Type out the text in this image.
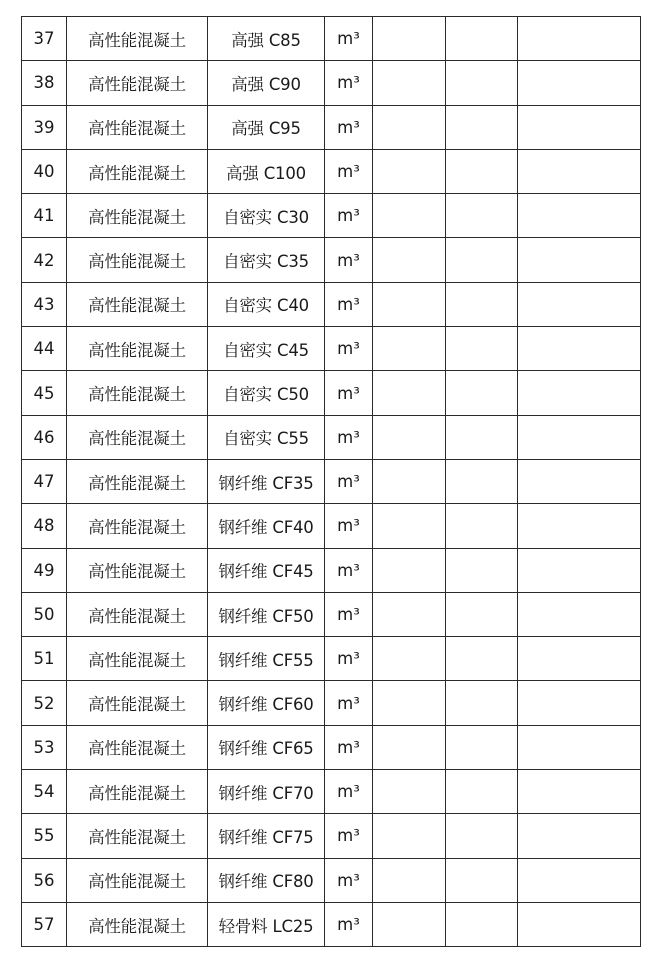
37	高性能混凝土	高强 C85	m³			
38	高性能混凝土	高强 C90	m³			
39	高性能混凝土	高强 C95	m³			
40	高性能混凝土	高强 C100	m³			
41	高性能混凝土	自密实 C30	m³			
42	高性能混凝土	自密实 C35	m³			
43	高性能混凝土	自密实 C40	m³			
44	高性能混凝土	自密实 C45	m³			
45	高性能混凝土	自密实 C50	m³			
46	高性能混凝土	自密实 C55	m³			
47	高性能混凝土	钢纤维 CF35	m³			
48	高性能混凝土	钢纤维 CF40	m³			
49	高性能混凝土	钢纤维 CF45	m³			
50	高性能混凝土	钢纤维 CF50	m³			
51	高性能混凝土	钢纤维 CF55	m³			
52	高性能混凝土	钢纤维 CF60	m³			
53	高性能混凝土	钢纤维 CF65	m³			
54	高性能混凝土	钢纤维 CF70	m³			
55	高性能混凝土	钢纤维 CF75	m³			
56	高性能混凝土	钢纤维 CF80	m³			
57	高性能混凝土	轻骨料 LC25	m³			
